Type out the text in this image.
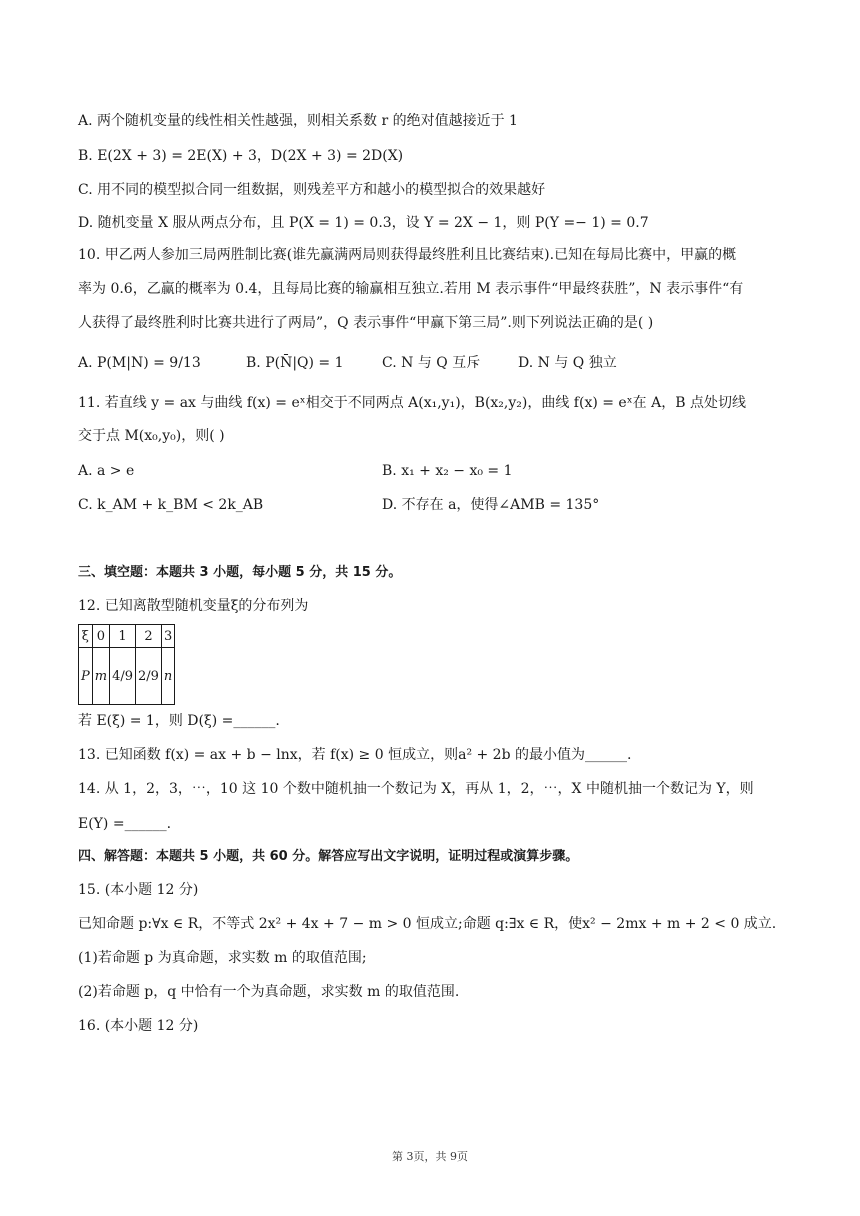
A. 两个随机变量的线性相关性越强，则相关系数 r 的绝对值越接近于 1
B. E(2X + 3) = 2E(X) + 3，D(2X + 3) = 2D(X)
C. 用不同的模型拟合同一组数据，则残差平方和越小的模型拟合的效果越好
D. 随机变量 X 服从两点分布，且 P(X = 1) = 0.3，设 Y = 2X − 1，则 P(Y =− 1) = 0.7
10. 甲乙两人参加三局两胜制比赛(谁先赢满两局则获得最终胜利且比赛结束).已知在每局比赛中，甲赢的概
率为 0.6，乙赢的概率为 0.4，且每局比赛的输赢相互独立.若用 M 表示事件“甲最终获胜”，N 表示事件“有
人获得了最终胜利时比赛共进行了两局”，Q 表示事件“甲赢下第三局”.则下列说法正确的是( )
A. P(M|N) = 9/13	B. P(N̄|Q) = 1	C. N 与 Q 互斥	D. N 与 Q 独立
11. 若直线 y = ax 与曲线 f(x) = eˣ相交于不同两点 A(x₁,y₁)，B(x₂,y₂)，曲线 f(x) = eˣ在 A，B 点处切线
交于点 M(x₀,y₀)，则( )
A. a > e	B. x₁ + x₂ − x₀ = 1
C. k_AM + k_BM < 2k_AB	D. 不存在 a，使得∠AMB = 135°
三、填空题：本题共 3 小题，每小题 5 分，共 15 分。
12. 已知离散型随机变量ξ的分布列为
ξ	0	1	2	3
P	m	4/9	2/9	n
若 E(ξ) = 1，则 D(ξ) =______.
13. 已知函数 f(x) = ax + b − lnx，若 f(x) ≥ 0 恒成立，则a² + 2b 的最小值为______.
14. 从 1，2，3，⋯，10 这 10 个数中随机抽一个数记为 X，再从 1，2，⋯，X 中随机抽一个数记为 Y，则
E(Y) =______.
四、解答题：本题共 5 小题，共 60 分。解答应写出文字说明，证明过程或演算步骤。
15. (本小题 12 分)
已知命题 p:∀x ∈ R，不等式 2x² + 4x + 7 − m > 0 恒成立;命题 q:∃x ∈ R，使x² − 2mx + m + 2 < 0 成立.
(1)若命题 p 为真命题，求实数 m 的取值范围;
(2)若命题 p，q 中恰有一个为真命题，求实数 m 的取值范围.
16. (本小题 12 分)
第 3页，共 9页
